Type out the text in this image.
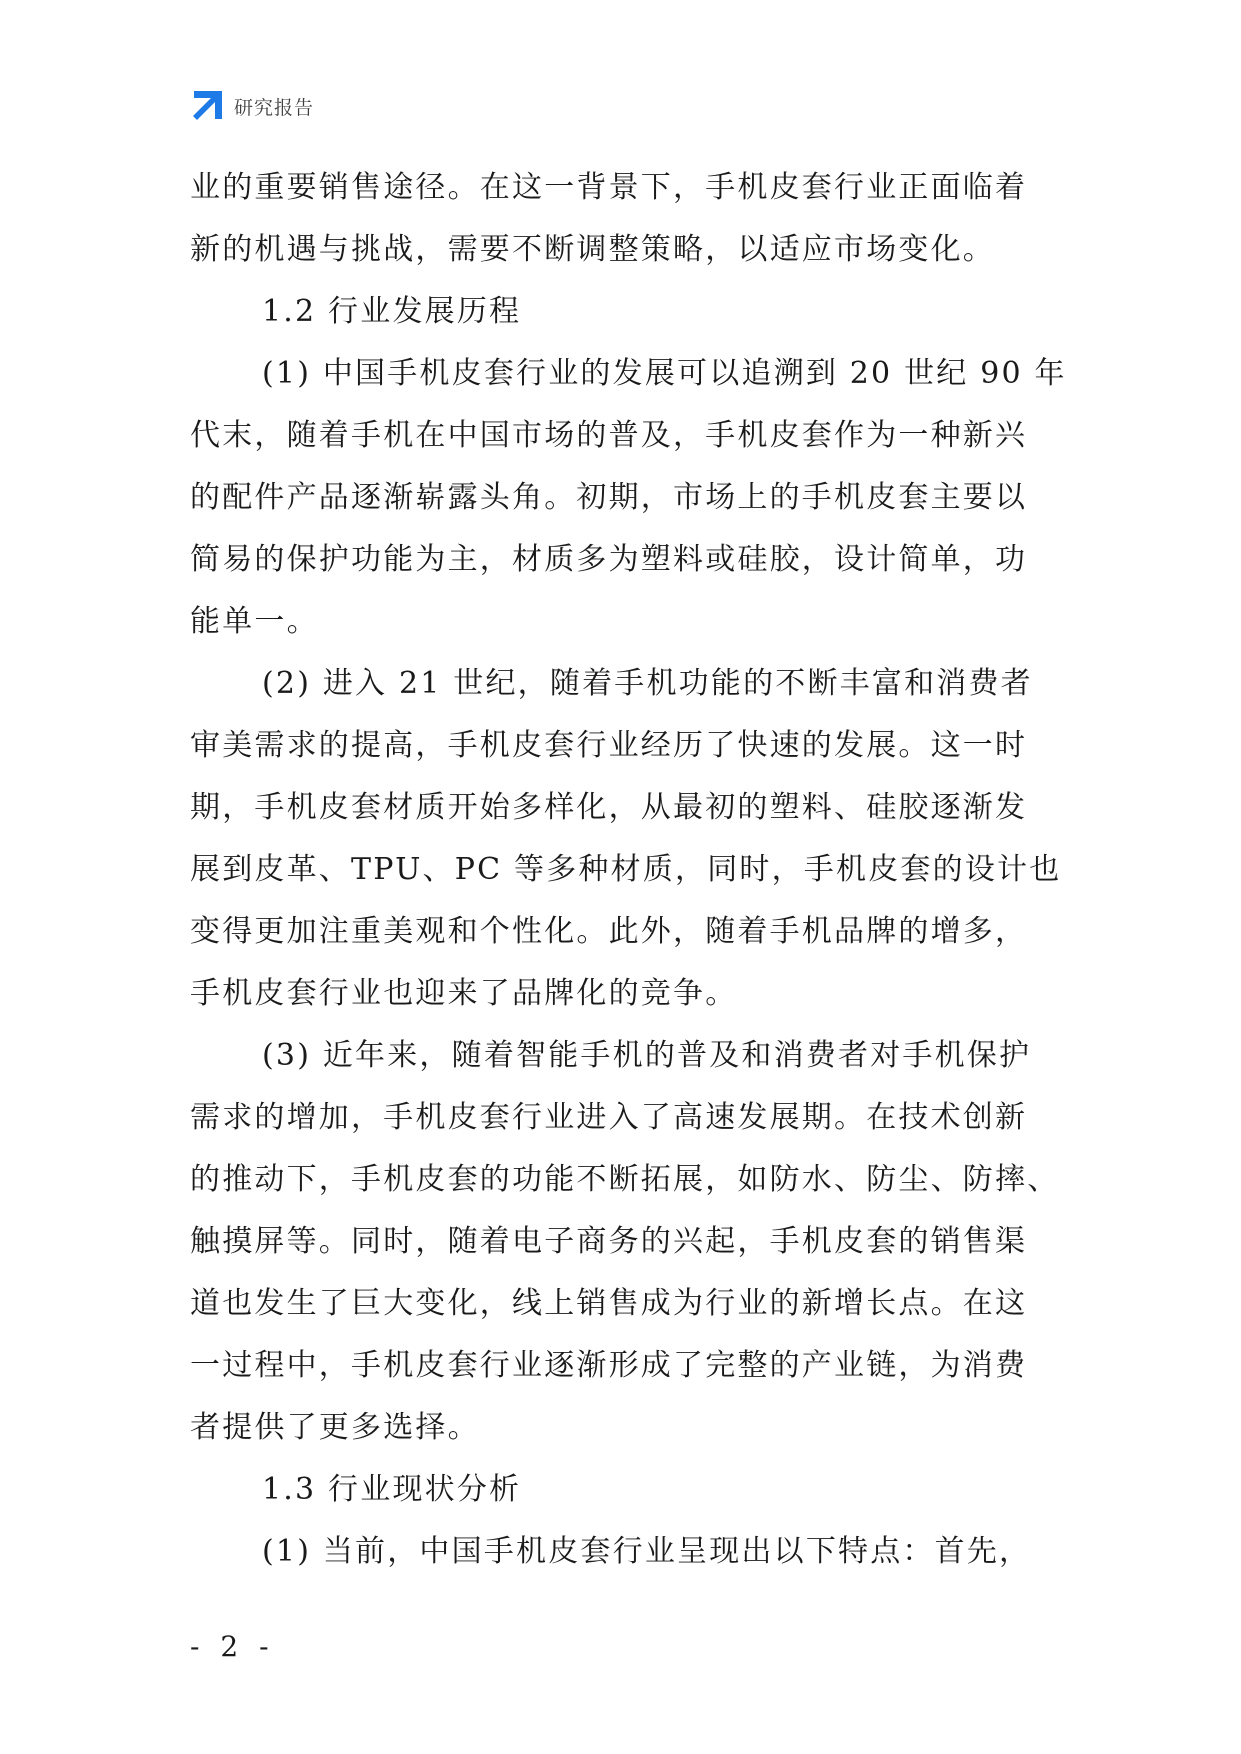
研究报告
业的重要销售途径。在这一背景下，手机皮套行业正面临着
新的机遇与挑战，需要不断调整策略，以适应市场变化。
1.2 行业发展历程
(1) 中国手机皮套行业的发展可以追溯到 20 世纪 90 年
代末，随着手机在中国市场的普及，手机皮套作为一种新兴
的配件产品逐渐崭露头角。初期，市场上的手机皮套主要以
简易的保护功能为主，材质多为塑料或硅胶，设计简单，功
能单一。
(2) 进入 21 世纪，随着手机功能的不断丰富和消费者
审美需求的提高，手机皮套行业经历了快速的发展。这一时
期，手机皮套材质开始多样化，从最初的塑料、硅胶逐渐发
展到皮革、TPU、PC 等多种材质，同时，手机皮套的设计也
变得更加注重美观和个性化。此外，随着手机品牌的增多，
手机皮套行业也迎来了品牌化的竞争。
(3) 近年来，随着智能手机的普及和消费者对手机保护
需求的增加，手机皮套行业进入了高速发展期。在技术创新
的推动下，手机皮套的功能不断拓展，如防水、防尘、防摔、
触摸屏等。同时，随着电子商务的兴起，手机皮套的销售渠
道也发生了巨大变化，线上销售成为行业的新增长点。在这
一过程中，手机皮套行业逐渐形成了完整的产业链，为消费
者提供了更多选择。
1.3 行业现状分析
(1) 当前，中国手机皮套行业呈现出以下特点：首先，
- 2 -
